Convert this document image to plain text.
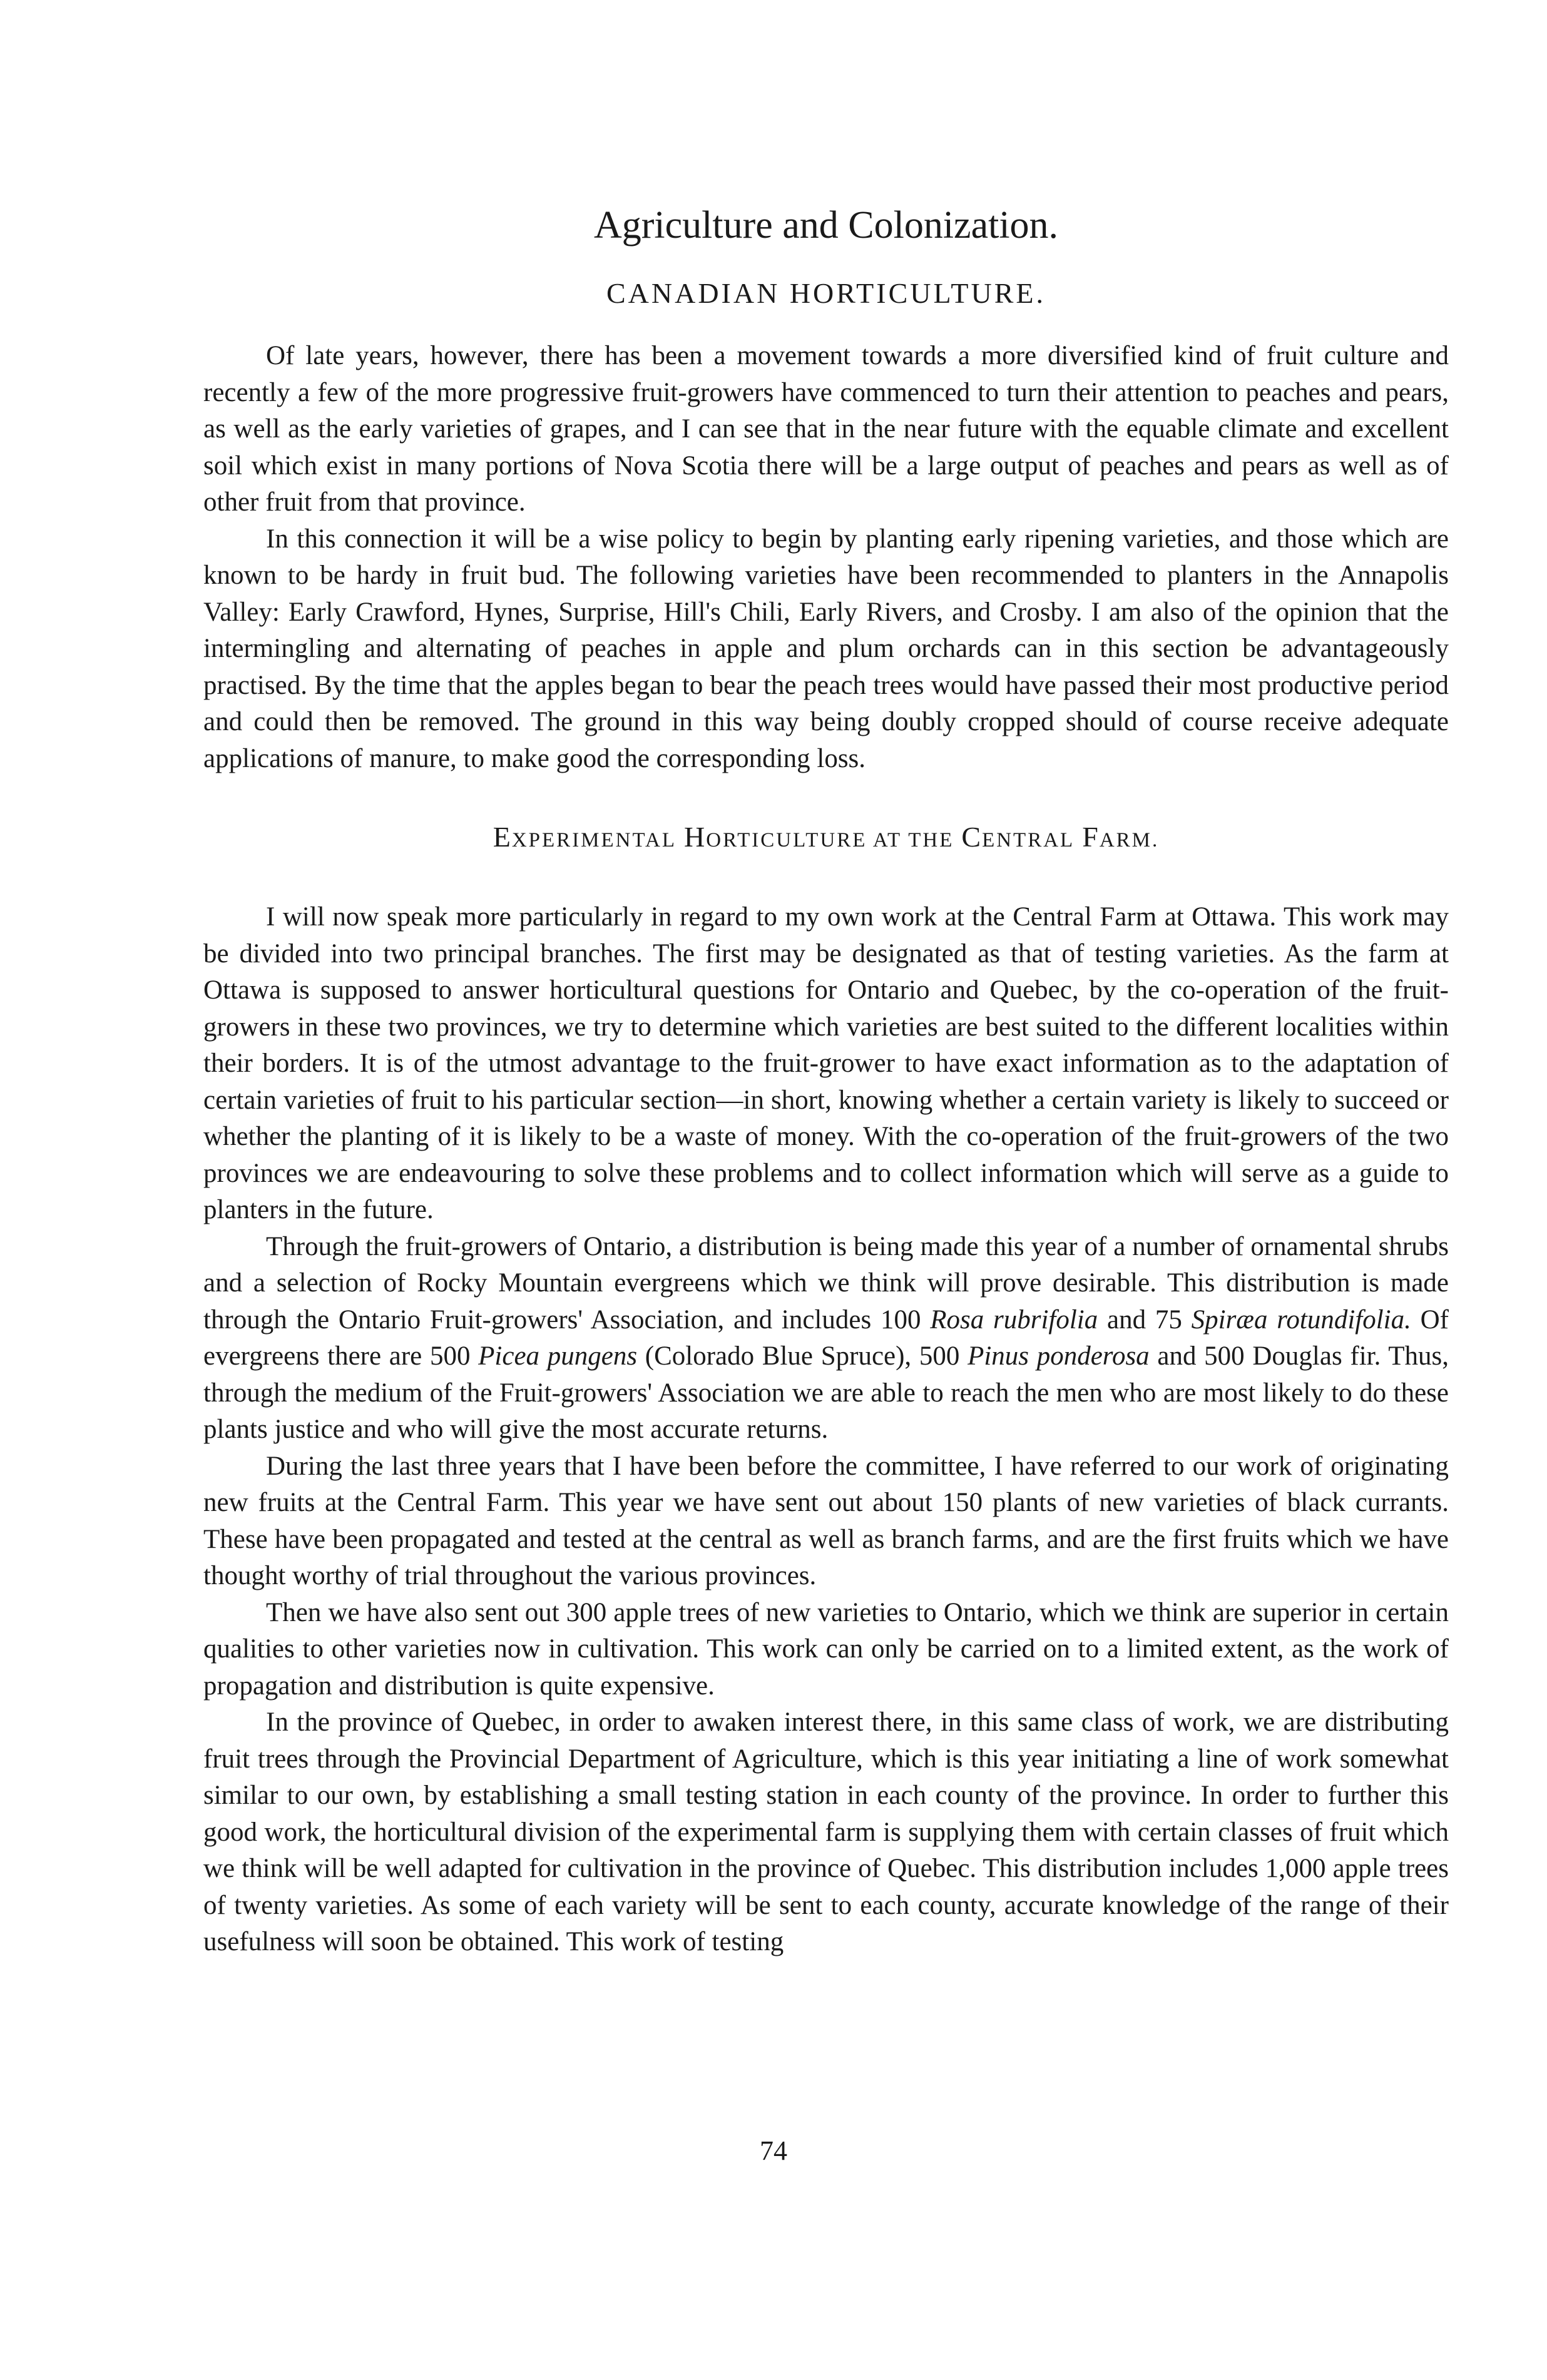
Agriculture and Colonization.
CANADIAN HORTICULTURE.

Of late years, however, there has been a movement towards a more diversified kind of fruit culture and recently a few of the more progressive fruit-growers have commenced to turn their attention to peaches and pears, as well as the early varieties of grapes, and I can see that in the near future with the equable climate and excellent soil which exist in many portions of Nova Scotia there will be a large output of peaches and pears as well as of other fruit from that province.

In this connection it will be a wise policy to begin by planting early ripening varieties, and those which are known to be hardy in fruit bud. The following varieties have been recommended to planters in the Annapolis Valley: Early Crawford, Hynes, Surprise, Hill's Chili, Early Rivers, and Crosby. I am also of the opinion that the intermingling and alternating of peaches in apple and plum orchards can in this section be advantageously practised. By the time that the apples began to bear the peach trees would have passed their most productive period and could then be removed. The ground in this way being doubly cropped should of course receive adequate applications of manure, to make good the corresponding loss.

EXPERIMENTAL HORTICULTURE AT THE CENTRAL FARM.

I will now speak more particularly in regard to my own work at the Central Farm at Ottawa. This work may be divided into two principal branches. The first may be designated as that of testing varieties. As the farm at Ottawa is supposed to answer horticultural questions for Ontario and Quebec, by the co-operation of the fruit-growers in these two provinces, we try to determine which varieties are best suited to the different localities within their borders. It is of the utmost advantage to the fruit-grower to have exact information as to the adaptation of certain varieties of fruit to his particular section—in short, knowing whether a certain variety is likely to succeed or whether the planting of it is likely to be a waste of money. With the co-operation of the fruit-growers of the two provinces we are endeavouring to solve these problems and to collect information which will serve as a guide to planters in the future.

Through the fruit-growers of Ontario, a distribution is being made this year of a number of ornamental shrubs and a selection of Rocky Mountain evergreens which we think will prove desirable. This distribution is made through the Ontario Fruit-growers' Association, and includes 100 Rosa rubrifolia and 75 Spiræa rotundifolia. Of evergreens there are 500 Picea pungens (Colorado Blue Spruce), 500 Pinus ponderosa and 500 Douglas fir. Thus, through the medium of the Fruit-growers' Association we are able to reach the men who are most likely to do these plants justice and who will give the most accurate returns.

During the last three years that I have been before the committee, I have referred to our work of originating new fruits at the Central Farm. This year we have sent out about 150 plants of new varieties of black currants. These have been propagated and tested at the central as well as branch farms, and are the first fruits which we have thought worthy of trial throughout the various provinces.

Then we have also sent out 300 apple trees of new varieties to Ontario, which we think are superior in certain qualities to other varieties now in cultivation. This work can only be carried on to a limited extent, as the work of propagation and distribution is quite expensive.

In the province of Quebec, in order to awaken interest there, in this same class of work, we are distributing fruit trees through the Provincial Department of Agriculture, which is this year initiating a line of work somewhat similar to our own, by establishing a small testing station in each county of the province. In order to further this good work, the horticultural division of the experimental farm is supplying them with certain classes of fruit which we think will be well adapted for cultivation in the province of Quebec. This distribution includes 1,000 apple trees of twenty varieties. As some of each variety will be sent to each county, accurate knowledge of the range of their usefulness will soon be obtained. This work of testing

74
